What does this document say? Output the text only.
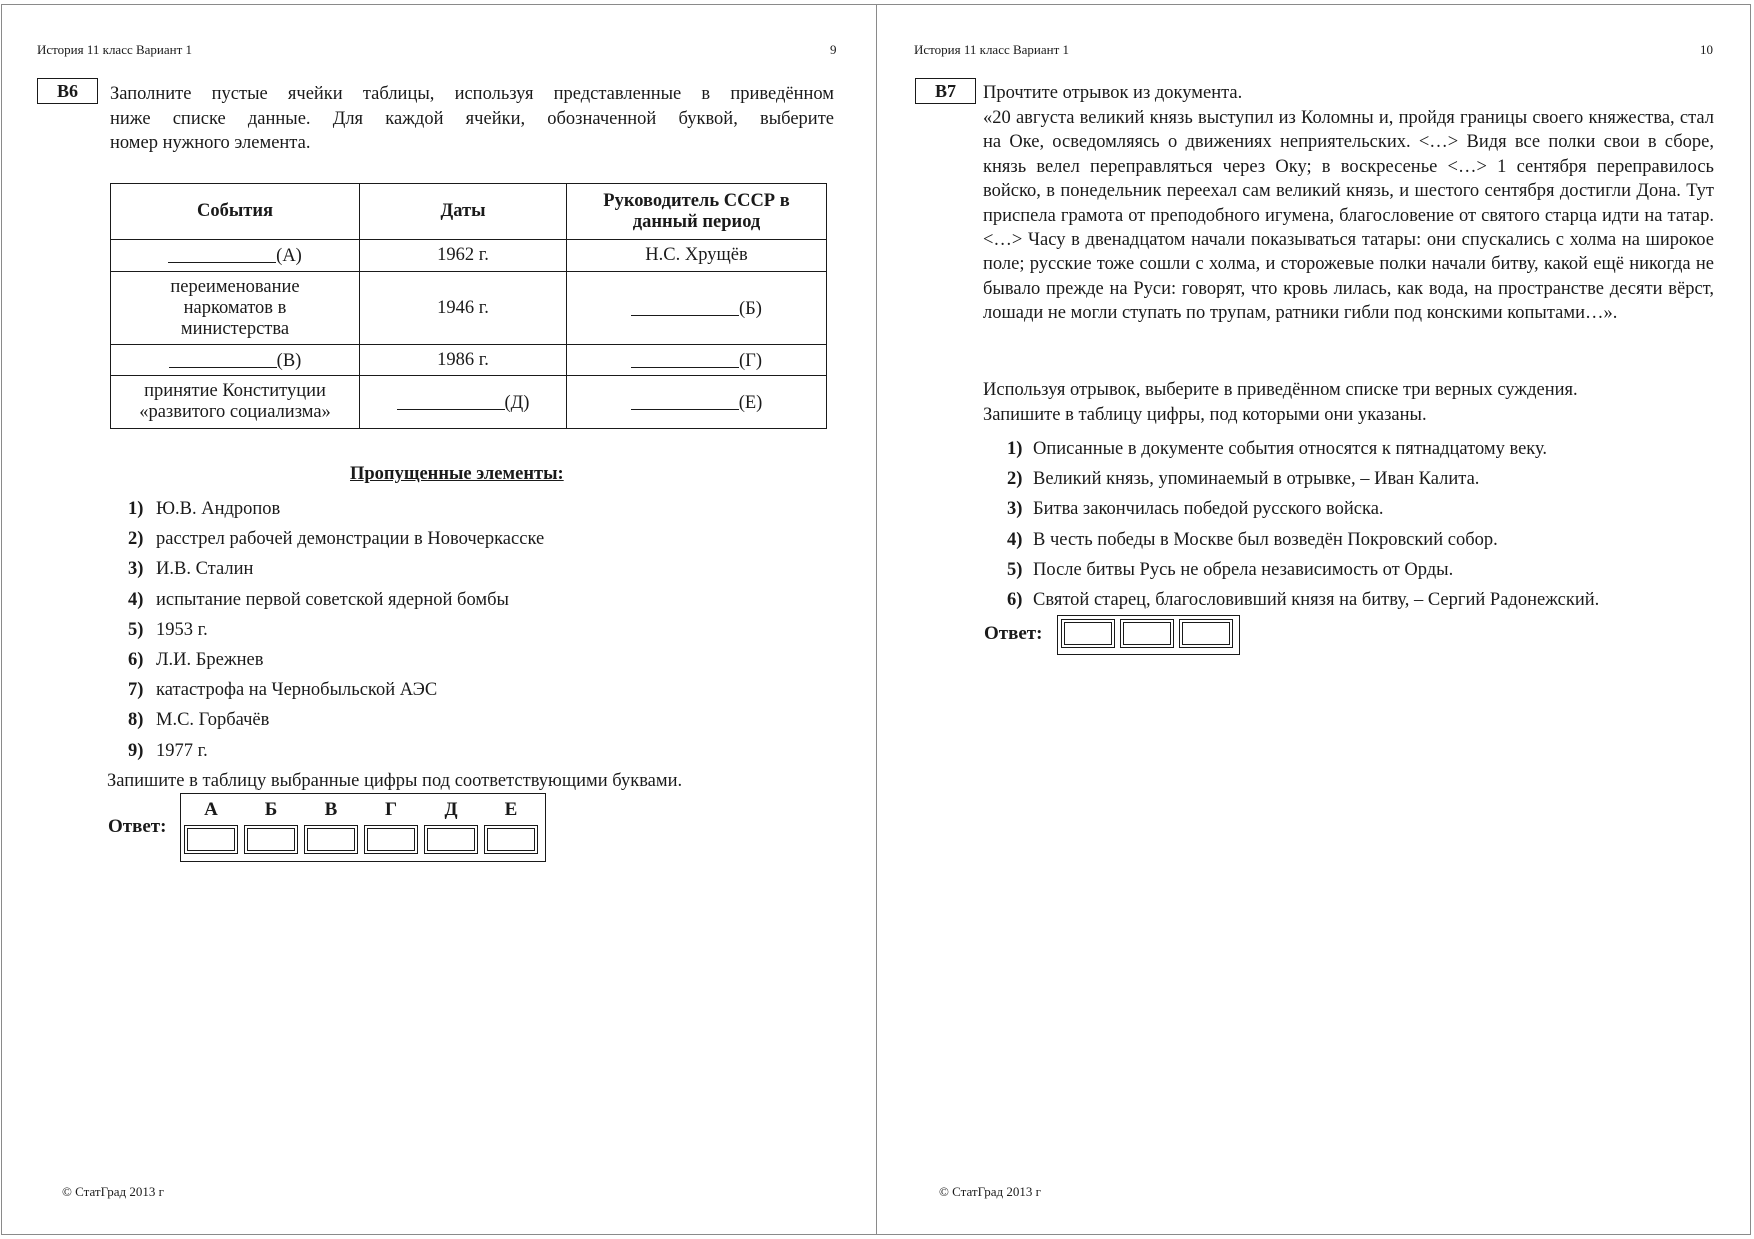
История 11 класс Вариант 1	9
В6	Заполните пустые ячейки таблицы, используя представленные в приведённом
ниже списке данные. Для каждой ячейки, обозначенной буквой, выберите
номер нужного элемента.
События	Даты	Руководитель СССР в данный период
(А)	1962 г.	Н.С. Хрущёв
переименование наркоматов в министерства	1946 г.	(Б)
(В)	1986 г.	(Г)
принятие Конституции «развитого социализма»	(Д)	(Е)
Пропущенные элементы:
1) Ю.В. Андропов
2) расстрел рабочей демонстрации в Новочеркасске
3) И.В. Сталин
4) испытание первой советской ядерной бомбы
5) 1953 г.
6) Л.И. Брежнев
7) катастрофа на Чернобыльской АЭС
8) М.С. Горбачёв
9) 1977 г.
Запишите в таблицу выбранные цифры под соответствующими буквами.
Ответ:
А	Б	В	Г	Д	Е
© СтатГрад 2013 г
История 11 класс Вариант 1	10
В7	Прочтите отрывок из документа.
«20 августа великий князь выступил из Коломны и, пройдя границы своего княжества, стал на Оке, осведомляясь о движениях неприятельских. <…> Видя все полки свои в сборе, князь велел переправляться через Оку; в воскресенье <…> 1 сентября переправилось войско, в понедельник переехал сам великий князь, и шестого сентября достигли Дона. Тут приспела грамота от преподобного игумена, благословение от святого старца идти на татар. <…> Часу в двенадцатом начали показываться татары: они спускались с холма на широкое поле; русские тоже сошли с холма, и сторожевые полки начали битву, какой ещё никогда не бывало прежде на Руси: говорят, что кровь лилась, как вода, на пространстве десяти вёрст, лошади не могли ступать по трупам, ратники гибли под конскими копытами…».
Используя отрывок, выберите в приведённом списке три верных суждения.
Запишите в таблицу цифры, под которыми они указаны.
1) Описанные в документе события относятся к пятнадцатому веку.
2) Великий князь, упоминаемый в отрывке, – Иван Калита.
3) Битва закончилась победой русского войска.
4) В честь победы в Москве был возведён Покровский собор.
5) После битвы Русь не обрела независимость от Орды.
6) Святой старец, благословивший князя на битву, – Сергий Радонежский.
Ответ:
© СтатГрад 2013 г
